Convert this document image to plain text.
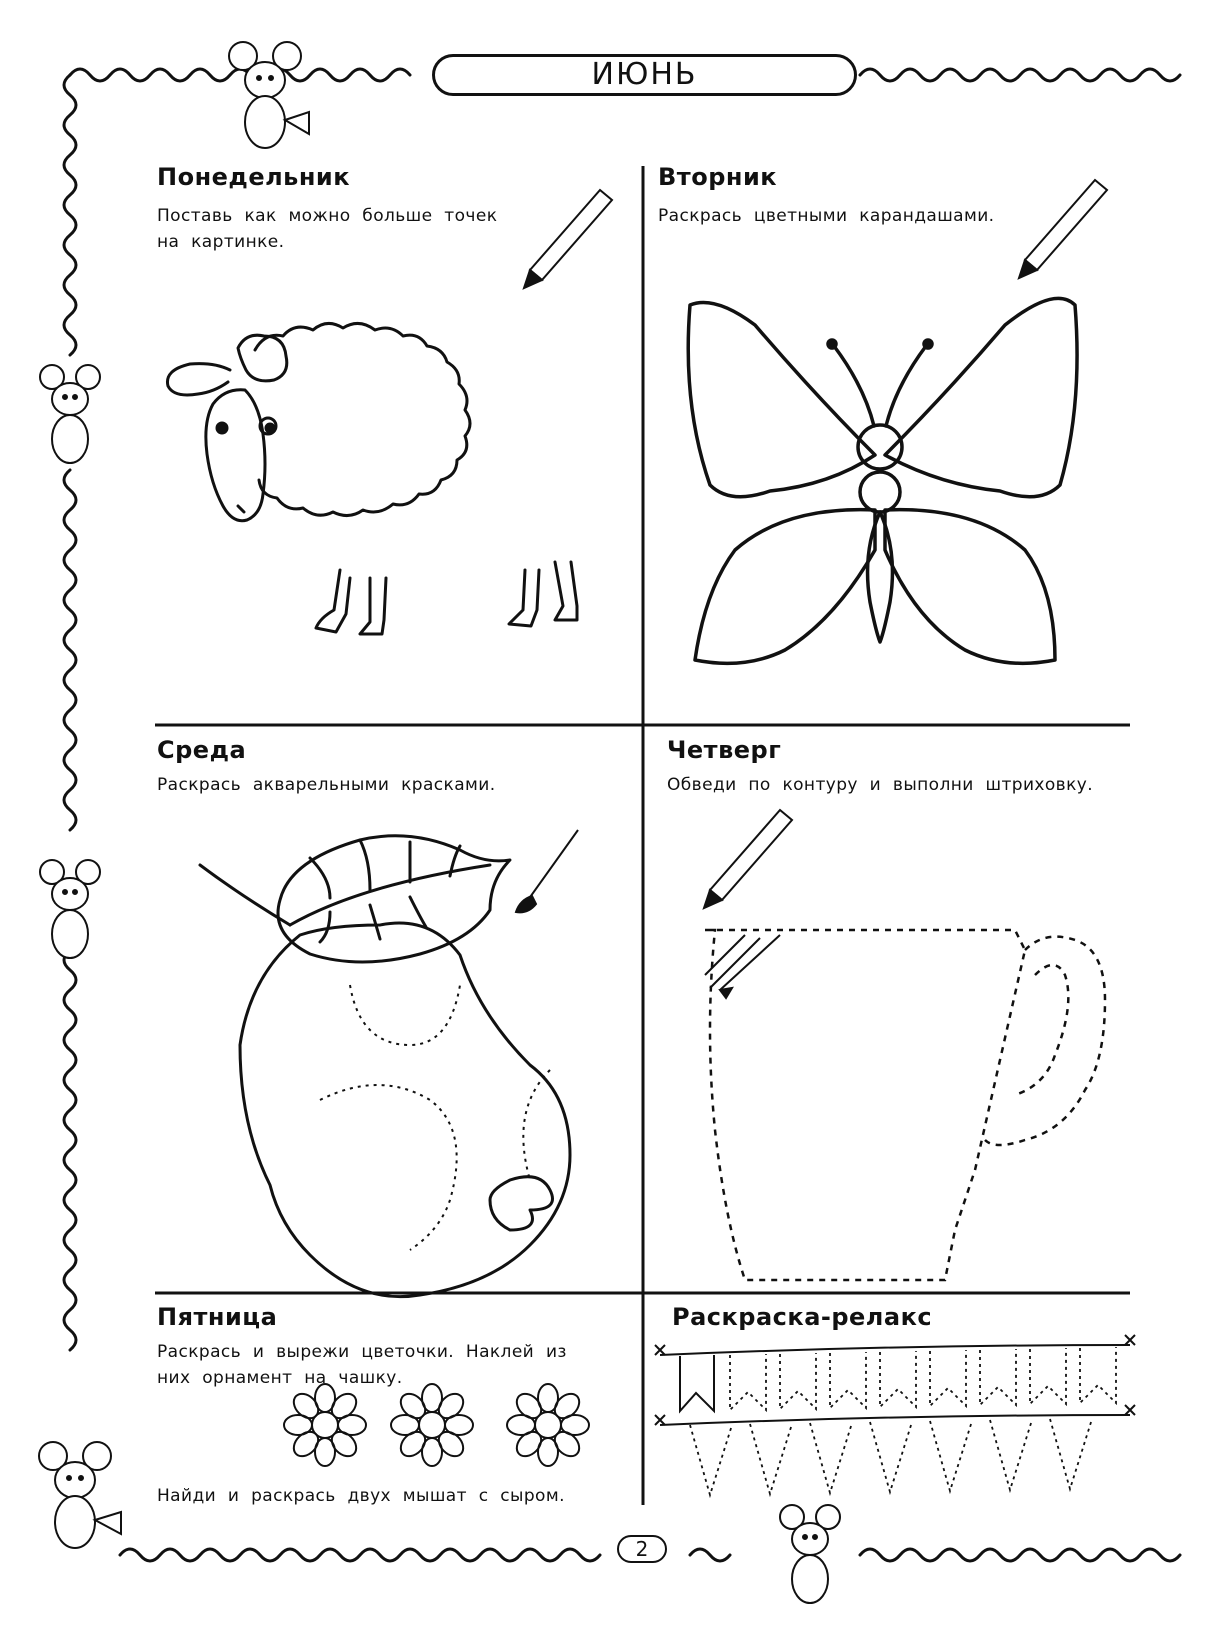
ИЮНЬ
Понедельник
Поставь как можно больше точек на картинке.
Вторник
Раскрась цветными карандашами.
Среда
Раскрась акварельными красками.
Четверг
Обведи по контуру и выполни штриховку.
Пятница
Раскрась и вырежи цветочки. Наклей из них орнамент на чашку.
Найди и раскрась двух мышат с сыром.
Раскраска-релакс
2
